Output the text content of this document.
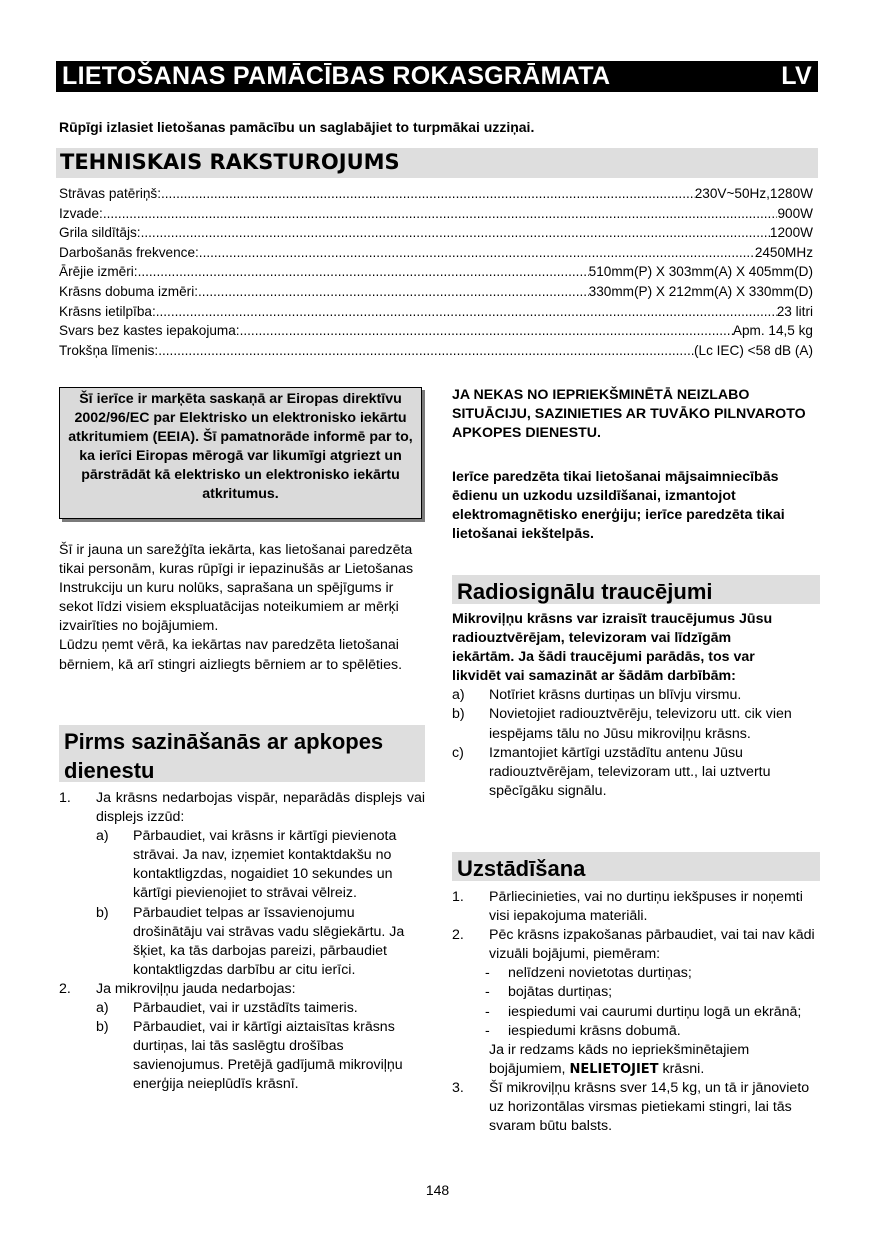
LIETOŠANAS PAMĀCĪBAS ROKASGRĀMATA	LV
Rūpīgi izlasiet lietošanas pamācību un saglabājiet to turpmākai uzziņai.
TEHNISKAIS RAKSTUROJUMS
Strāvas patēriņš: .....	230V~50Hz,1280W
Izvade: .....	900W
Grila sildītājs: .....	1200W
Darbošanās frekvence: .....	2450MHz
Ārējie izmēri: .....	510mm(P) X 303mm(A) X 405mm(D)
Krāsns dobuma izmēri: .....	330mm(P) X 212mm(A) X 330mm(D)
Krāsns ietilpība: .....	23 litri
Svars bez kastes iepakojuma: .....	Apm. 14,5 kg
Trokšņa līmenis: .....	(Lc IEC) <58 dB (A)
Šī ierīce ir marķēta saskaņā ar Eiropas direktīvu 2002/96/EC par Elektrisko un elektronisko iekārtu atkritumiem (EEIA). Šī pamatnorāde informē par to, ka ierīci Eiropas mērogā var likumīgi atgriezt un pārstrādāt kā elektrisko un elektronisko iekārtu atkritumus.

Šī ir jauna un sarežģīta iekārta, kas lietošanai paredzēta tikai personām, kuras rūpīgi ir iepazinušās ar Lietošanas Instrukciju un kuru nolūks, saprašana un spējīgums ir sekot līdzi visiem ekspluatācijas noteikumiem ar mērķi izvairīties no bojājumiem.

Lūdzu ņemt vērā, ka iekārtas nav paredzēta lietošanai bērniem, kā arī stingri aizliegts bērniem ar to spēlēties.

Pirms sazināšanās ar apkopes dienestu
1.	Ja krāsns nedarbojas vispār, neparādās displejs vai displejs izzūd:
a)	Pārbaudiet, vai krāsns ir kārtīgi pievienota strāvai. Ja nav, izņemiet kontaktdakšu no kontaktligzdas, nogaidiet 10 sekundes un kārtīgi pievienojiet to strāvai vēlreiz.
b)	Pārbaudiet telpas ar īssavienojumu drošinātāju vai strāvas vadu slēgiekārtu. Ja šķiet, ka tās darbojas pareizi, pārbaudiet kontaktligzdas darbību ar citu ierīci.
2.	Ja mikroviļņu jauda nedarbojas:
a)	Pārbaudiet, vai ir uzstādīts taimeris.
b)	Pārbaudiet, vai ir kārtīgi aiztaisītas krāsns durtiņas, lai tās saslēgtu drošības savienojumus. Pretējā gadījumā mikroviļņu enerģija neieplūdīs krāsnī.
JA NEKAS NO IEPRIEKŠMINĒTĀ NEIZLABO SITUĀCIJU, SAZINIETIES AR TUVĀKO PILNVAROTO APKOPES DIENESTU.
Ierīce paredzēta tikai lietošanai mājsaimniecībās ēdienu un uzkodu uzsildīšanai, izmantojot elektromagnētisko enerģiju; ierīce paredzēta tikai lietošanai iekštelpās.
Radiosignālu traucējumi

Mikroviļņu krāsns var izraisīt traucējumus Jūsu radiouztvērējam, televizoram vai līdzīgām iekārtām. Ja šādi traucējumi parādās, tos var likvidēt vai samazināt ar šādām darbībām:

a)	Notīriet krāsns durtiņas un blīvju virsmu.
b)	Novietojiet radiouztvērēju, televizoru utt. cik vien iespējams tālu no Jūsu mikroviļņu krāsns.
c)	Izmantojiet kārtīgi uzstādītu antenu Jūsu radiouztvērējam, televizoram utt., lai uztvertu spēcīgāku signālu.
Uzstādīšana
1.	Pārliecinieties, vai no durtiņu iekšpuses ir noņemti visi iepakojuma materiāli.
2.	Pēc krāsns izpakošanas pārbaudiet, vai tai nav kādi vizuāli bojājumi, piemēram:
-	nelīdzeni novietotas durtiņas;
-	bojātas durtiņas;
-	iespiedumi vai caurumi durtiņu logā un ekrānā;
-	iespiedumi krāsns dobumā.
Ja ir redzams kāds no iepriekšminētajiem bojājumiem, NELIETOJIET krāsni.
3.	Šī mikroviļņu krāsns sver 14,5 kg, un tā ir jānovieto uz horizontālas virsmas pietiekami stingri, lai tās svaram būtu balsts.
148
